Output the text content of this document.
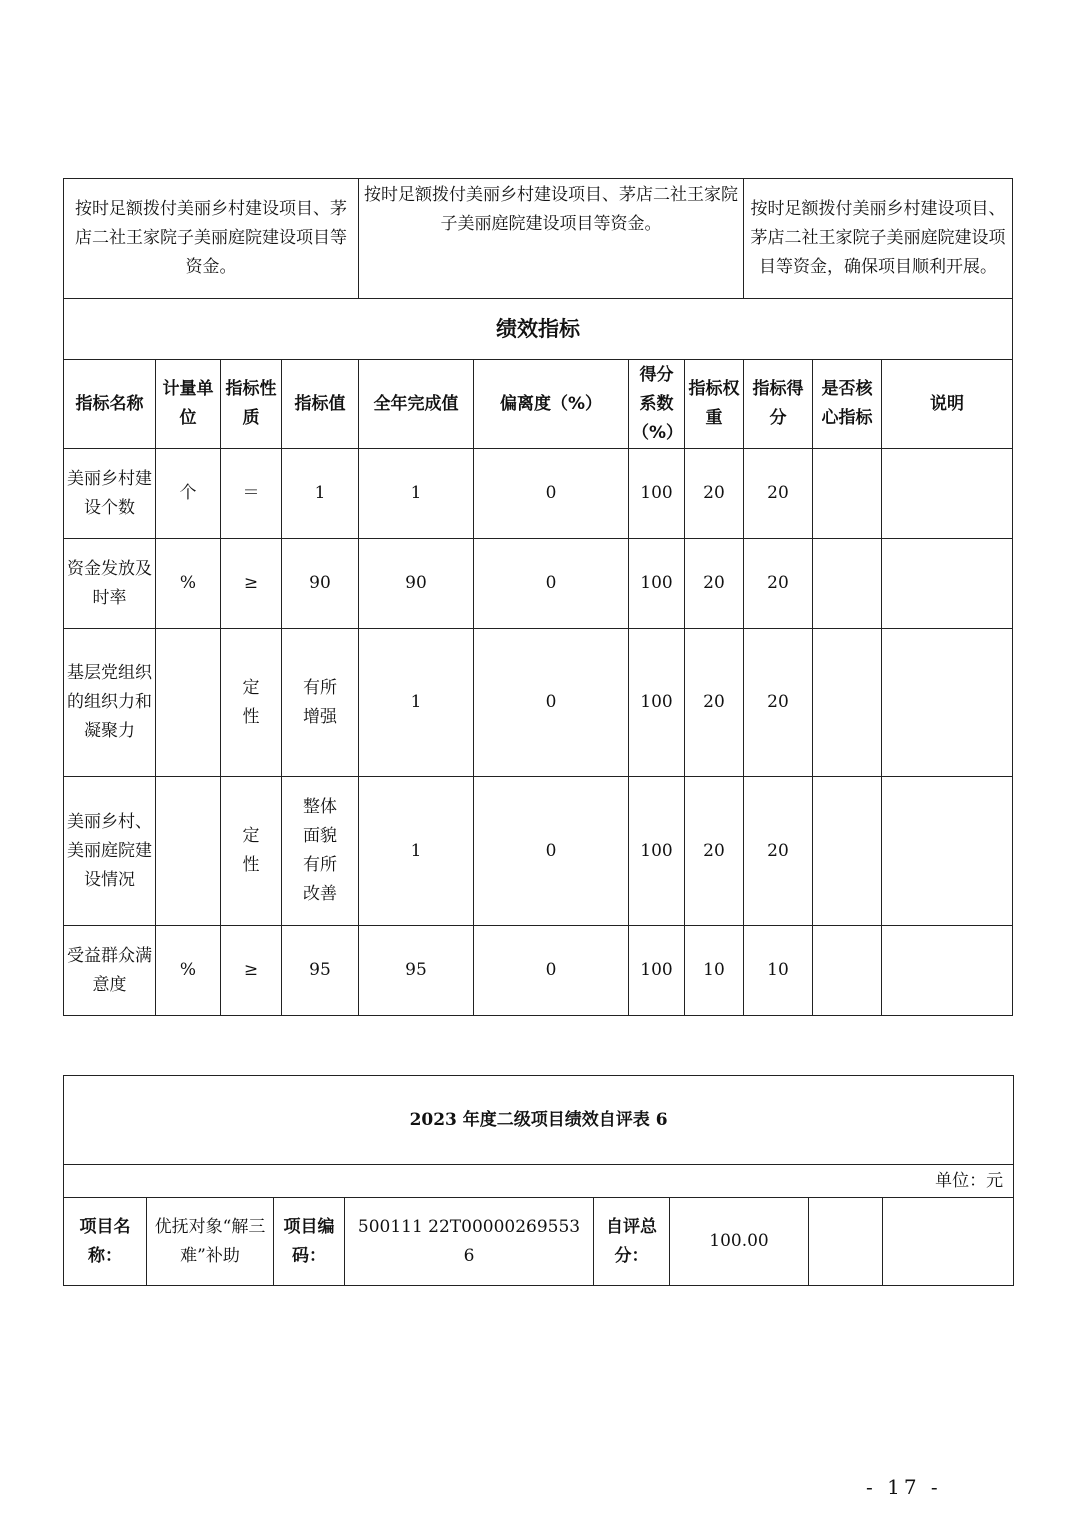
按时足额拨付美丽乡村建设项目、茅店二社王家院子美丽庭院建设项目等资金。				按时足额拨付美丽乡村建设项目、茅店二社王家院子美丽庭院建设项目等资金。				按时足额拨付美丽乡村建设项目、茅店二社王家院子美丽庭院建设项目等资金，确保项目顺利开展。		
绩效指标										
指标名称	计量单位	指标性质	指标值	全年完成值	偏离度（%）	得分系数（%）	指标权重	指标得分	是否核心指标	说明
美丽乡村建设个数	个	＝	1	1	0	100	20	20		
资金发放及时率	%	≥	90	90	0	100	20	20		
基层党组织的组织力和凝聚力		定性	有所增强	1	0	100	20	20		
美丽乡村、美丽庭院建设情况		定性	整体面貌有所改善	1	0	100	20	20		
受益群众满意度	%	≥	95	95	0	100	10	10		
2023 年度二级项目绩效自评表 6
单位：元
项目名称：	优抚对象“解三难”补助	项目编码：	500111 22T000002695536	自评总分：	100.00		
- 17 -
